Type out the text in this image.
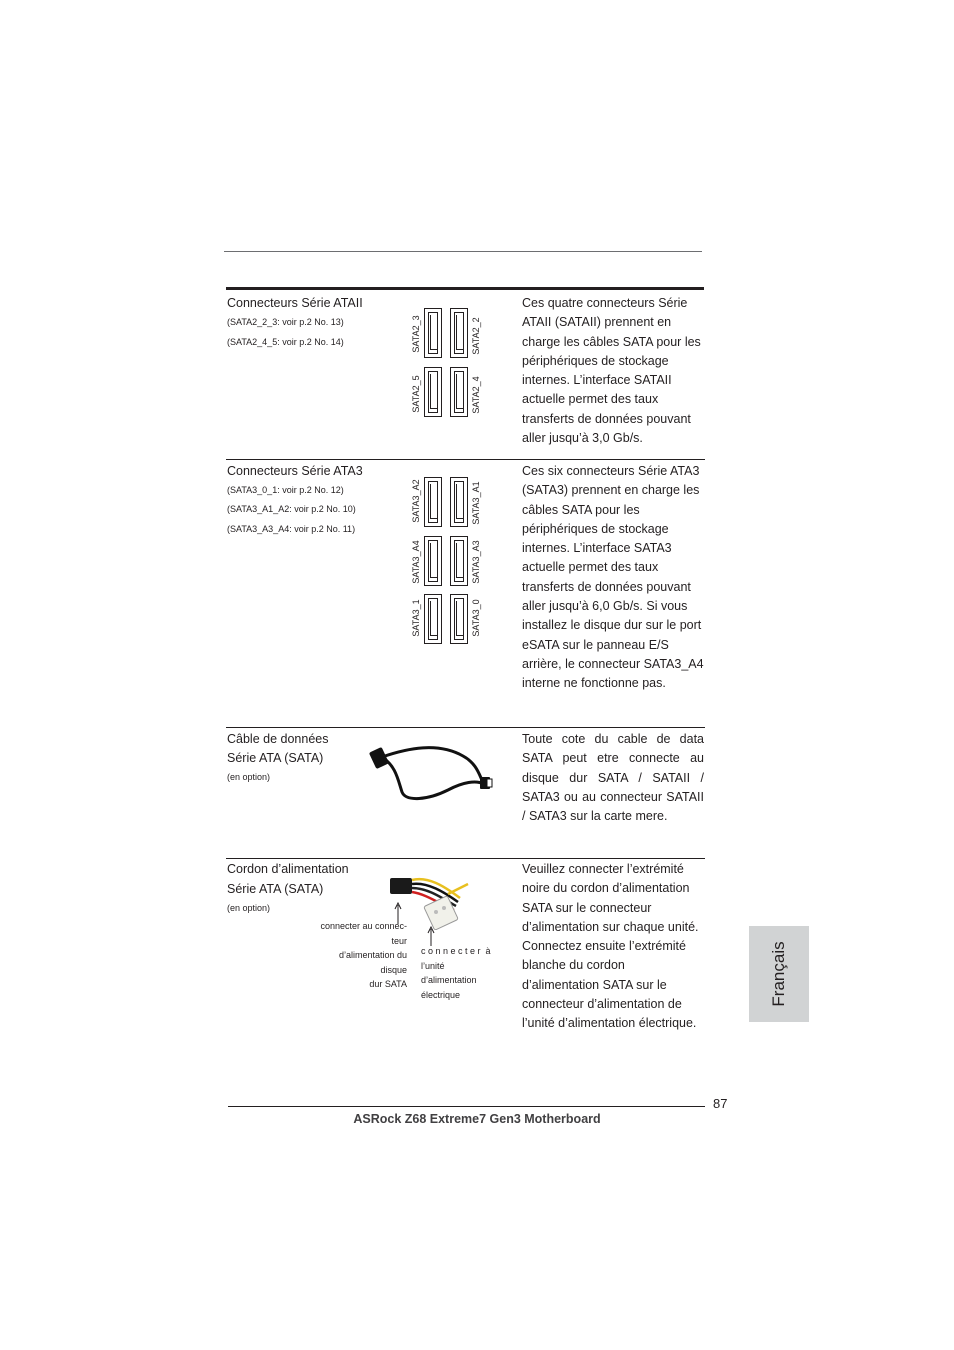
Connecteurs Série ATAII
(SATA2_2_3: voir p.2 No. 13)
(SATA2_4_5: voir p.2 No. 14)	SATA2_3	SATA2_2
SATA2_5	SATA2_4

Ces quatre connecteurs Série ATAII (SATAII) prennent en charge les câbles SATA pour les périphériques de stockage internes. L’interface SATAII actuelle permet des taux transferts de données pouvant aller jusqu’à 3,0 Gb/s.

Connecteurs Série ATA3
(SATA3_0_1: voir p.2 No. 12)
(SATA3_A1_A2: voir p.2 No. 10)
(SATA3_A3_A4: voir p.2 No. 11)
SATA3_A2	SATA3_A1
SATA3_A4	SATA3_A3
SATA3_1	SATA3_0

Ces six connecteurs Série ATA3 (SATA3) prennent en charge les câbles SATA pour les périphériques de stockage internes. L’interface SATA3 actuelle permet des taux transferts de données pouvant aller jusqu’à 6,0 Gb/s. Si vous installez le disque dur sur le port eSATA sur le panneau E/S arrière, le connecteur SATA3_A4 interne ne fonctionne pas.

Câble de données
Série ATA (SATA)
(en option)

Toute cote du cable de data SATA peut etre connecte au disque dur SATA / SATAII / SATA3 ou au connecteur SATAII / SATA3 sur la carte mere.

Cordon d’alimentation
Série ATA (SATA)
(en option)
connecter au connec-
teur
d’alimentation du
disque
dur SATA
c o n n e c t e r  à
l’unité
d’alimentation
électrique

Veuillez connecter l’extrémité noire du cordon d’alimentation SATA sur le connecteur d’alimentation sur chaque unité. Connectez ensuite l’extrémité blanche du cordon d’alimentation SATA sur le connecteur d’alimentation de l’unité d’alimentation électrique.

Français
87
ASRock Z68 Extreme7 Gen3 Motherboard
